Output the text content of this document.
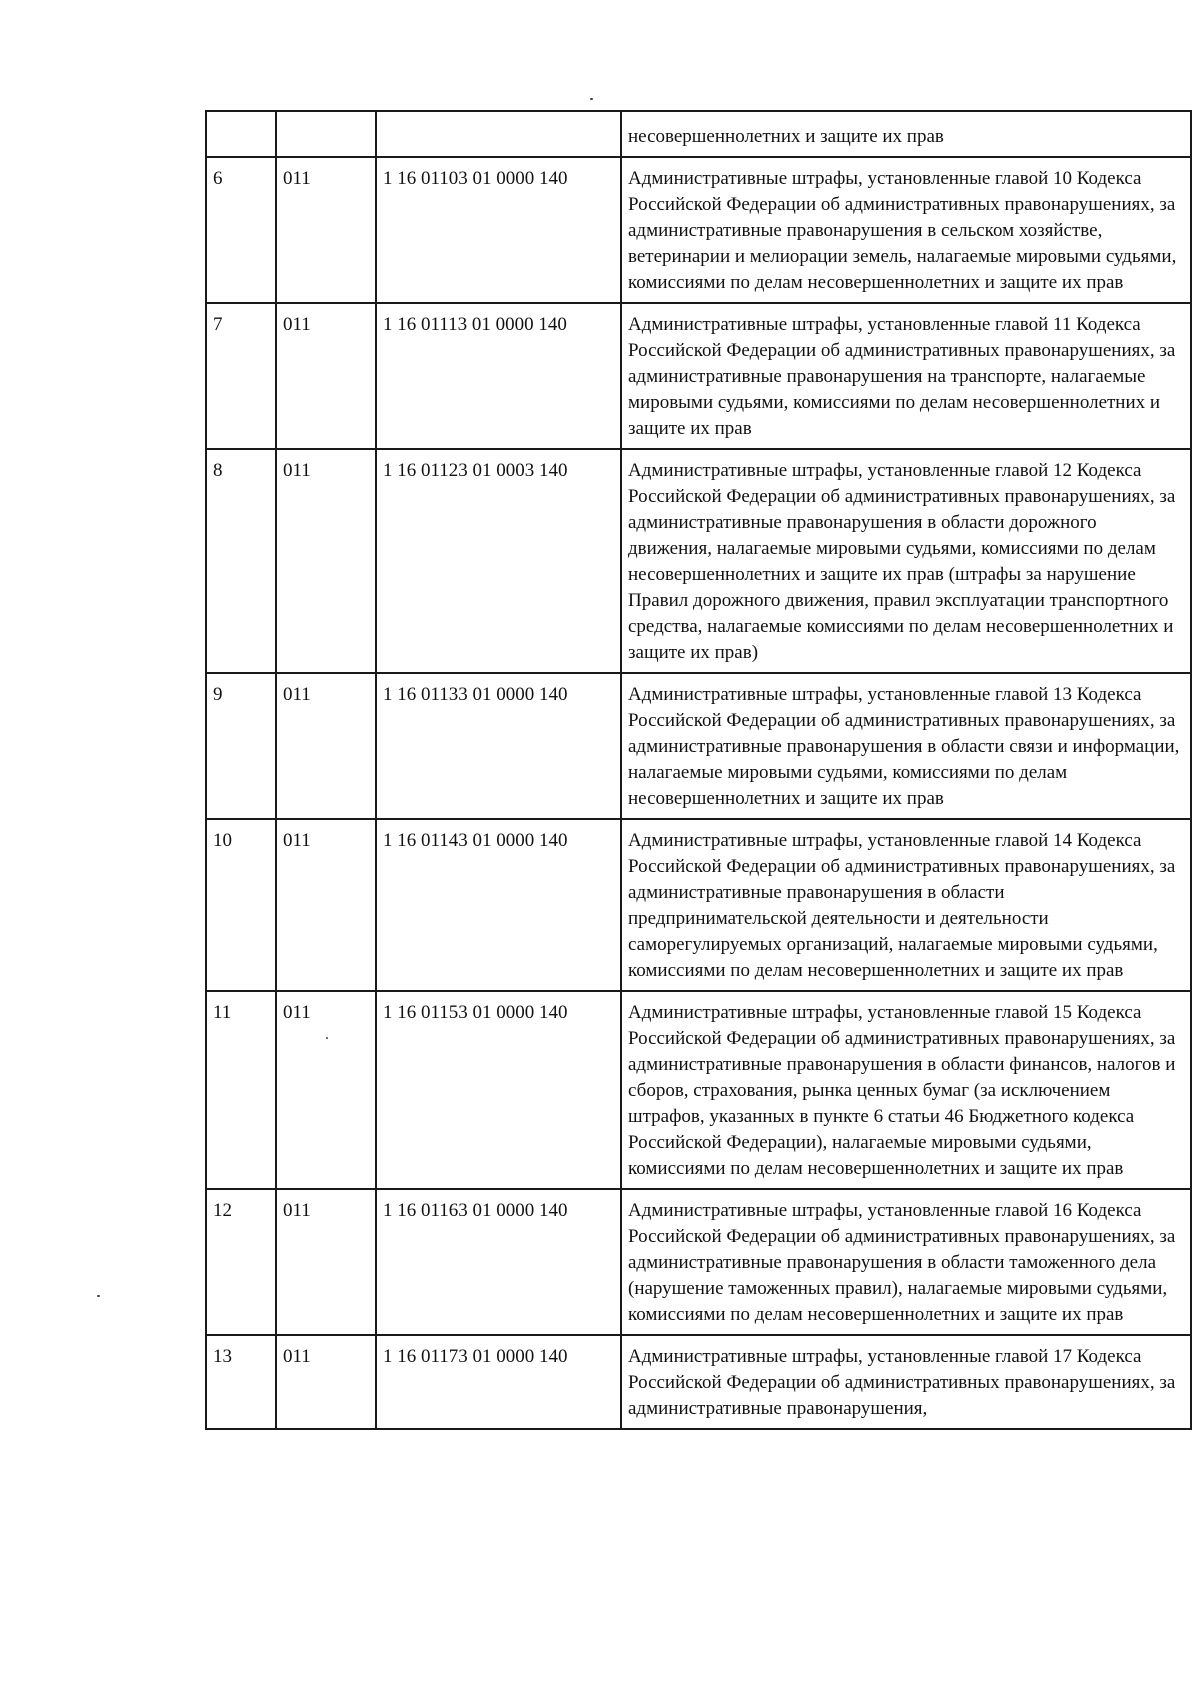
			несовершеннолетних и защите их прав
6	011	1 16 01103 01 0000 140	Административные штрафы, установленные главой 10 Кодекса Российской Федерации об административных правонарушениях, за административные правонарушения в сельском хозяйстве, ветеринарии и мелиорации земель, налагаемые мировыми судьями, комиссиями по делам несовершеннолетних и защите их прав
7	011	1 16 01113 01 0000 140	Административные штрафы, установленные главой 11 Кодекса Российской Федерации об административных правонарушениях, за административные правонарушения на транспорте, налагаемые мировыми судьями, комиссиями по делам несовершеннолетних и защите их прав
8	011	1 16 01123 01 0003 140	Административные штрафы, установленные главой 12 Кодекса Российской Федерации об административных правонарушениях, за административные правонарушения в области дорожного движения, налагаемые мировыми судьями, комиссиями по делам несовершеннолетних и защите их прав (штрафы за нарушение Правил дорожного движения, правил эксплуатации транспортного средства, налагаемые комиссиями по делам несовершеннолетних и защите их прав)
9	011	1 16 01133 01 0000 140	Административные штрафы, установленные главой 13 Кодекса Российской Федерации об административных правонарушениях, за административные правонарушения в области связи и информации, налагаемые мировыми судьями, комиссиями по делам несовершеннолетних и защите их прав
10	011	1 16 01143 01 0000 140	Административные штрафы, установленные главой 14 Кодекса Российской Федерации об административных правонарушениях, за административные правонарушения в области предпринимательской деятельности и деятельности саморегулируемых организаций, налагаемые мировыми судьями, комиссиями по делам несовершеннолетних и защите их прав
11	011	1 16 01153 01 0000 140	Административные штрафы, установленные главой 15 Кодекса Российской Федерации об административных правонарушениях, за административные правонарушения в области финансов, налогов и сборов, страхования, рынка ценных бумаг (за исключением штрафов, указанных в пункте 6 статьи 46 Бюджетного кодекса Российской Федерации), налагаемые мировыми судьями, комиссиями по делам несовершеннолетних и защите их прав
12	011	1 16 01163 01 0000 140	Административные штрафы, установленные главой 16 Кодекса Российской Федерации об административных правонарушениях, за административные правонарушения в области таможенного дела (нарушение таможенных правил), налагаемые мировыми судьями, комиссиями по делам несовершеннолетних и защите их прав
13	011	1 16 01173 01 0000 140	Административные штрафы, установленные главой 17 Кодекса Российской Федерации об административных правонарушениях, за административные правонарушения,
